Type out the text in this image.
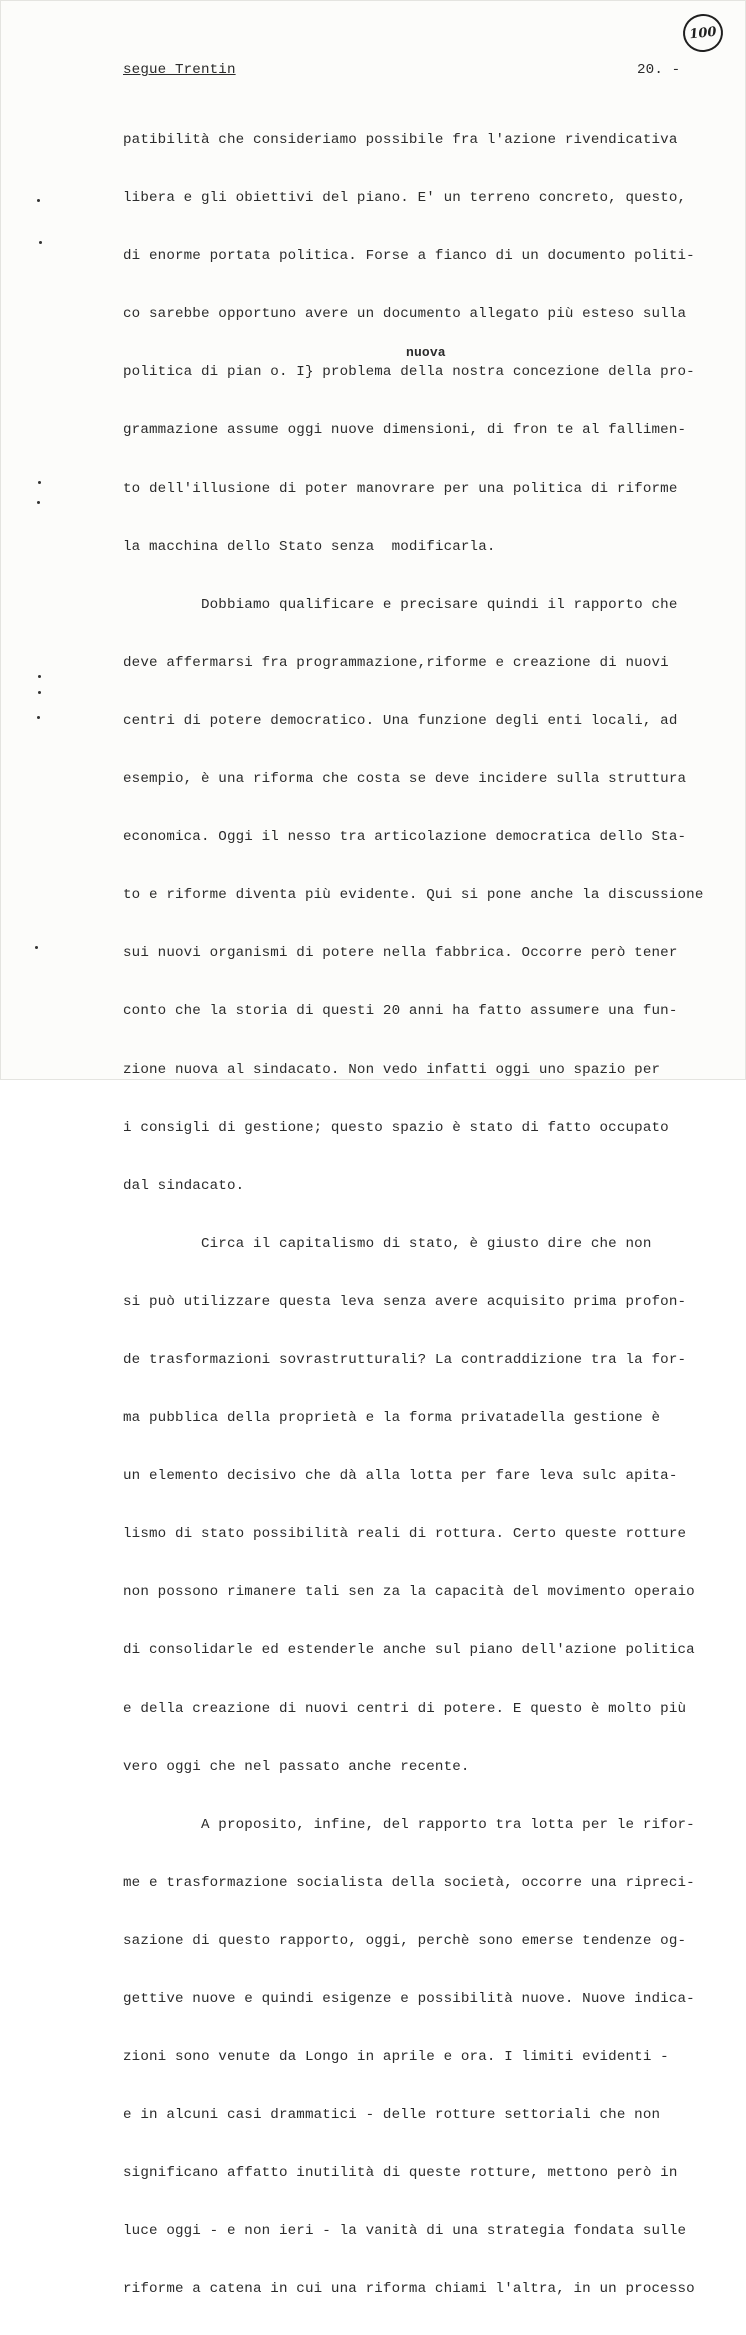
100
segue Trentin	20. -
nuova

patibilità che consideriamo possibile fra l'azione rivendicativa

libera e gli obiettivi del piano. E' un terreno concreto, questo,

di enorme portata politica. Forse a fianco di un documento politi-

co sarebbe opportuno avere un documento allegato più esteso sulla

politica di pian o. I} problema della nostra concezione della pro-

grammazione assume oggi nuove dimensioni, di fron te al fallimen-

to dell'illusione di poter manovrare per una politica di riforme

la macchina dello Stato senza  modificarla.

Dobbiamo qualificare e precisare quindi il rapporto che

deve affermarsi fra programmazione,riforme e creazione di nuovi

centri di potere democratico. Una funzione degli enti locali, ad

esempio, è una riforma che costa se deve incidere sulla struttura

economica. Oggi il nesso tra articolazione democratica dello Sta-

to e riforme diventa più evidente. Qui si pone anche la discussione

sui nuovi organismi di potere nella fabbrica. Occorre però tener

conto che la storia di questi 20 anni ha fatto assumere una fun-

zione nuova al sindacato. Non vedo infatti oggi uno spazio per

i consigli di gestione; questo spazio è stato di fatto occupato

dal sindacato.

Circa il capitalismo di stato, è giusto dire che non

si può utilizzare questa leva senza avere acquisito prima profon-

de trasformazioni sovrastrutturali? La contraddizione tra la for-

ma pubblica della proprietà e la forma privatadella gestione è

un elemento decisivo che dà alla lotta per fare leva sulc apita-

lismo di stato possibilità reali di rottura. Certo queste rotture

non possono rimanere tali sen za la capacità del movimento operaio

di consolidarle ed estenderle anche sul piano dell'azione politica

e della creazione di nuovi centri di potere. E questo è molto più

vero oggi che nel passato anche recente.

A proposito, infine, del rapporto tra lotta per le rifor-

me e trasformazione socialista della società, occorre una ripreci-

sazione di questo rapporto, oggi, perchè sono emerse tendenze og-

gettive nuove e quindi esigenze e possibilità nuove. Nuove indica-

zioni sono venute da Longo in aprile e ora. I limiti evidenti -

e in alcuni casi drammatici - delle rotture settoriali che non

significano affatto inutilità di queste rotture, mettono però in

luce oggi - e non ieri - la vanità di una strategia fondata sulle

riforme a catena in cui una riforma chiami l'altra, in un processo
